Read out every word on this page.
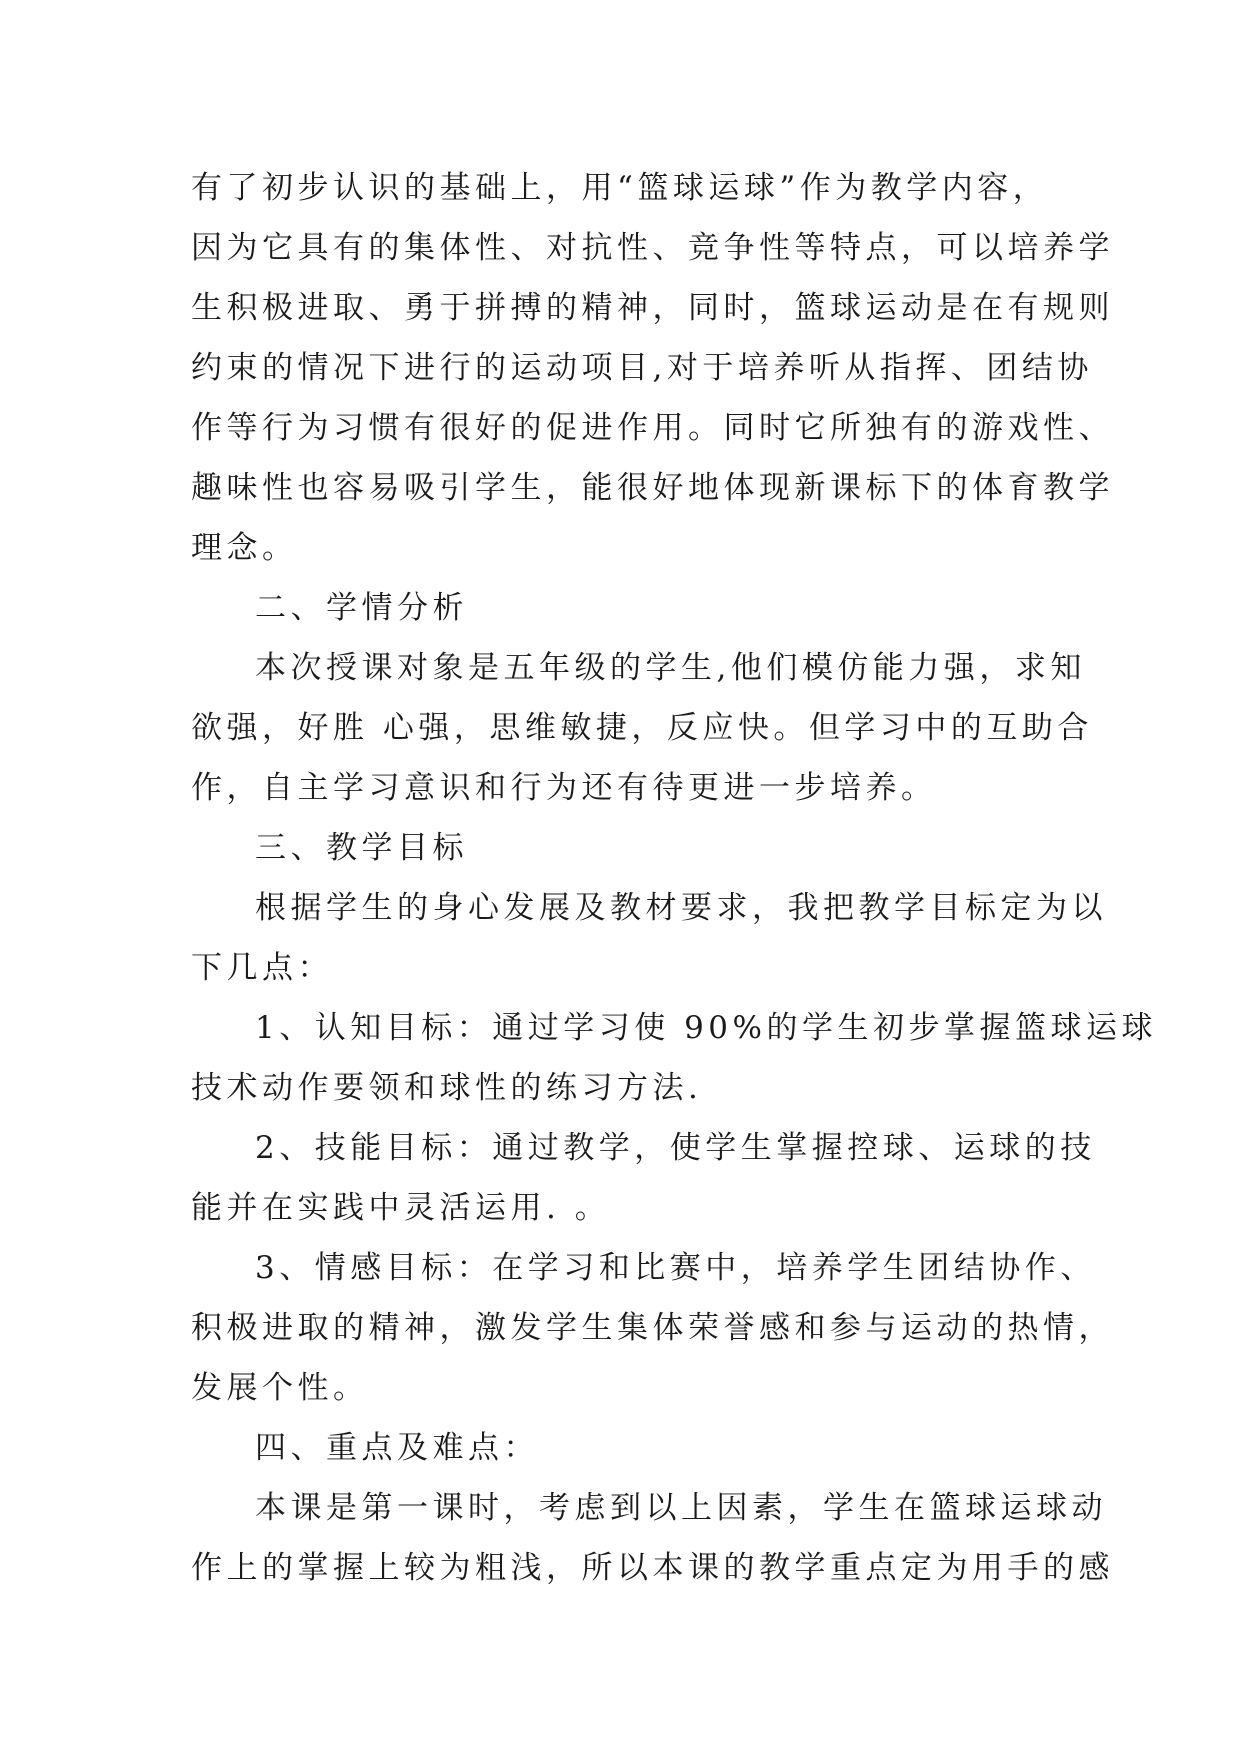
有了初步认识的基础上，用“篮球运球”作为教学内容，
因为它具有的集体性、对抗性、竞争性等特点，可以培养学
生积极进取、勇于拼搏的精神，同时，篮球运动是在有规则
约束的情况下进行的运动项目,对于培养听从指挥、团结协
作等行为习惯有很好的促进作用。同时它所独有的游戏性、
趣味性也容易吸引学生，能很好地体现新课标下的体育教学
理念。
二、学情分析
本次授课对象是五年级的学生,他们模仿能力强，求知
欲强，好胜 心强，思维敏捷，反应快。但学习中的互助合
作，自主学习意识和行为还有待更进一步培养。
三、教学目标
根据学生的身心发展及教材要求，我把教学目标定为以
下几点：
1、认知目标：通过学习使 90%的学生初步掌握篮球运球
技术动作要领和球性的练习方法.
2、技能目标：通过教学，使学生掌握控球、运球的技
能并在实践中灵活运用. 。
3、情感目标：在学习和比赛中，培养学生团结协作、
积极进取的精神，激发学生集体荣誉感和参与运动的热情，
发展个性。
四、重点及难点：
本课是第一课时，考虑到以上因素，学生在篮球运球动
作上的掌握上较为粗浅，所以本课的教学重点定为用手的感
